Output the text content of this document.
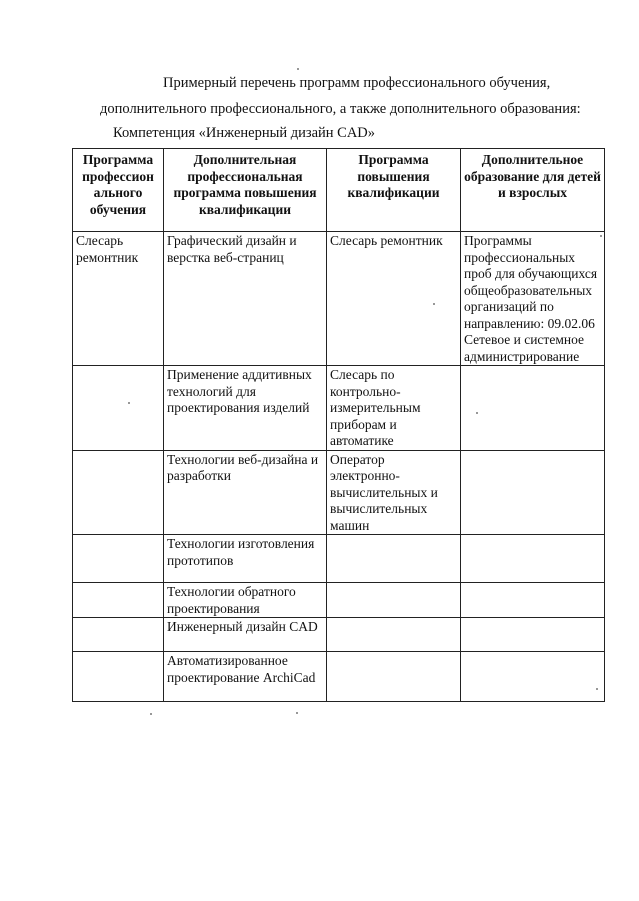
Примерный перечень программ профессионального обучения,
дополнительного профессионального, а также дополнительного образования:
Компетенция «Инженерный дизайн CAD»
Программа профессион ального обучения	Дополнительная профессиональная программа повышения квалификации	Программа повышения квалификации	Дополнительное образование для детей и взрослых
Слесарь ремонтник	Графический дизайн и верстка веб-страниц	Слесарь ремонтник	Программы профессиональных проб для обучающихся общеобразовательных организаций по направлению: 09.02.06 Сетевое и системное администрирование
	Применение аддитивных технологий для проектирования изделий	Слесарь по контрольно-измерительным приборам и автоматике	
	Технологии веб-дизайна и разработки	Оператор электронно-вычислительных и вычислительных машин	
	Технологии изготовления прототипов		
	Технологии обратного проектирования		
	Инженерный дизайн CAD		
	Автоматизированное проектирование ArchiCad		
